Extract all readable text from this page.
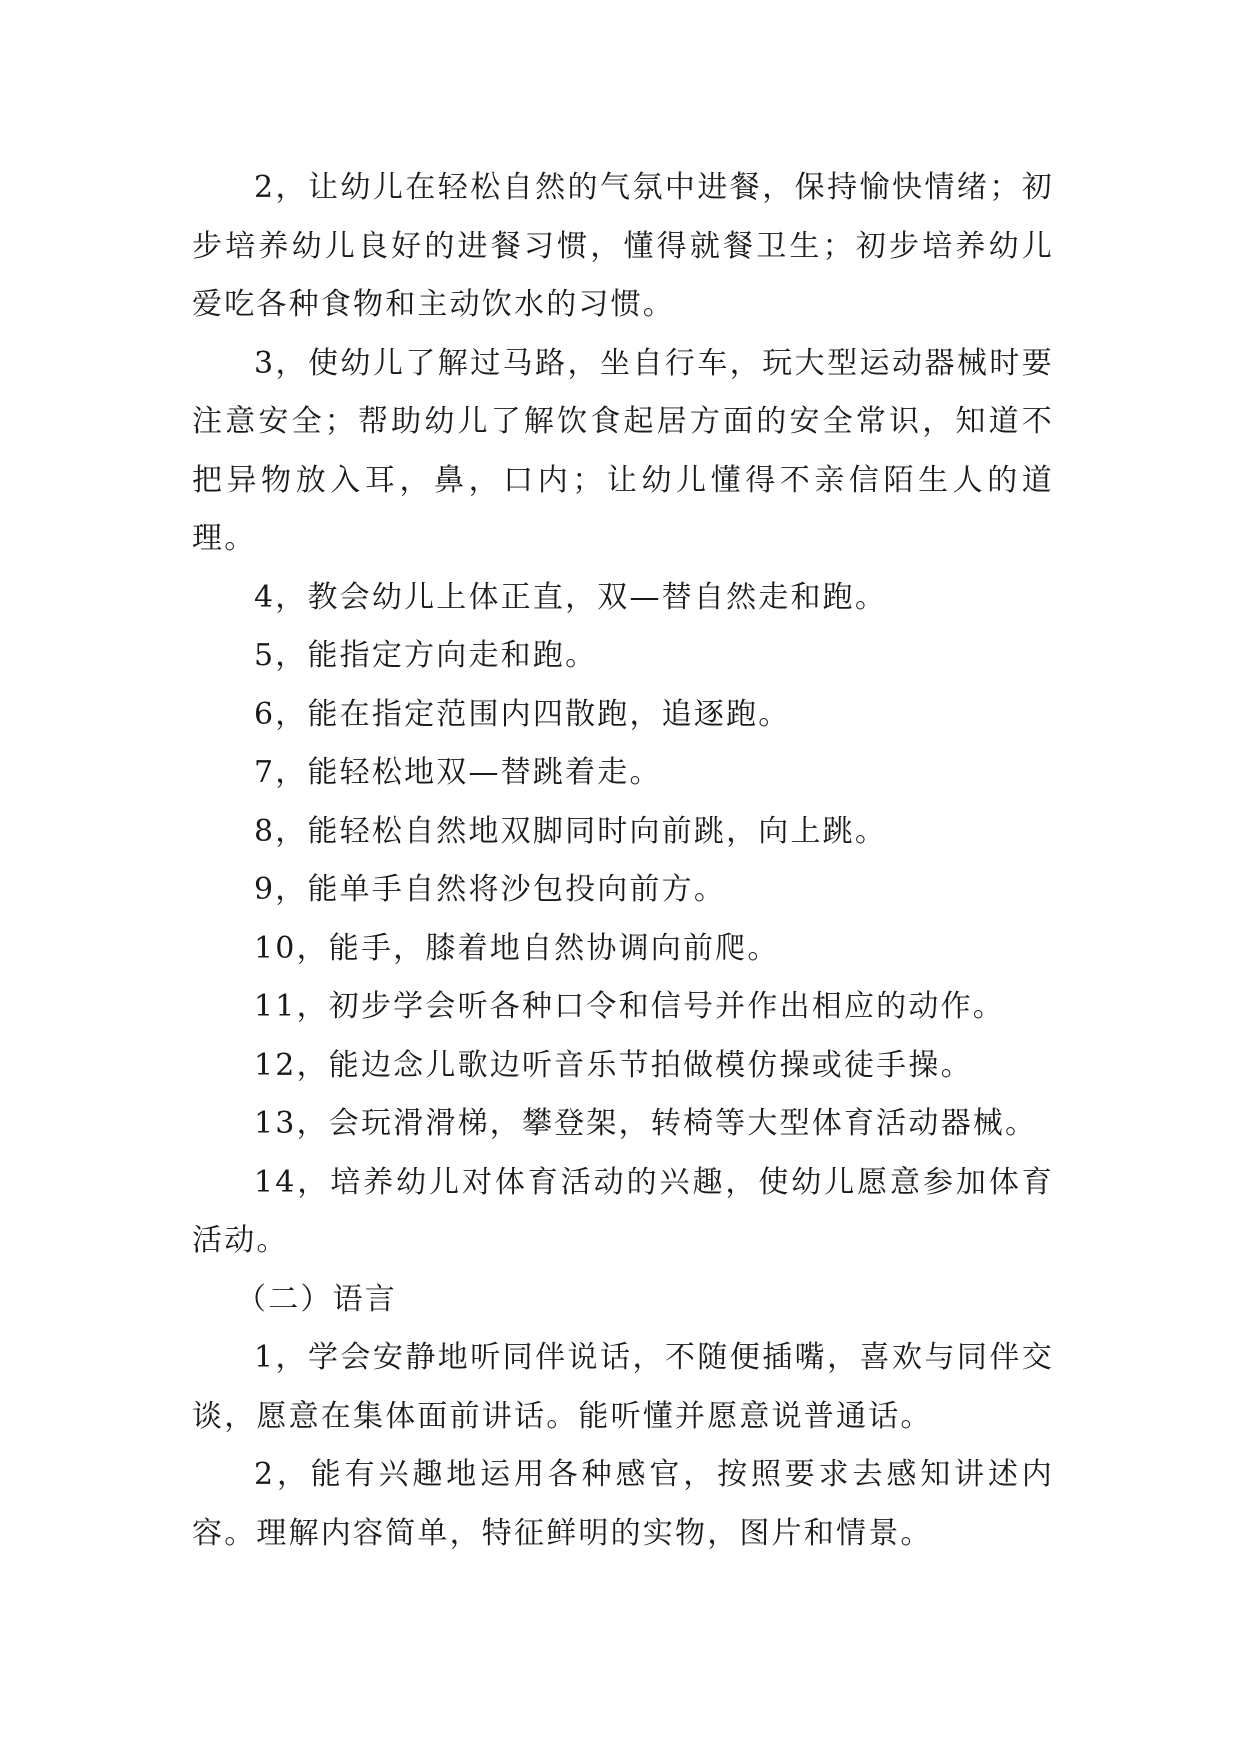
2，让幼儿在轻松自然的气氛中进餐，保持愉快情绪；初步培养幼儿良好的进餐习惯，懂得就餐卫生；初步培养幼儿爱吃各种食物和主动饮水的习惯。

3，使幼儿了解过马路，坐自行车，玩大型运动器械时要注意安全；帮助幼儿了解饮食起居方面的安全常识，知道不把异物放入耳，鼻，口内；让幼儿懂得不亲信陌生人的道理。

4，教会幼儿上体正直，双—替自然走和跑。

5，能指定方向走和跑。

6，能在指定范围内四散跑，追逐跑。

7，能轻松地双—替跳着走。

8，能轻松自然地双脚同时向前跳，向上跳。

9，能单手自然将沙包投向前方。

10，能手，膝着地自然协调向前爬。

11，初步学会听各种口令和信号并作出相应的动作。

12，能边念儿歌边听音乐节拍做模仿操或徒手操。

13，会玩滑滑梯，攀登架，转椅等大型体育活动器械。

14，培养幼儿对体育活动的兴趣，使幼儿愿意参加体育活动。

（二）语言

1，学会安静地听同伴说话，不随便插嘴，喜欢与同伴交谈，愿意在集体面前讲话。能听懂并愿意说普通话。

2，能有兴趣地运用各种感官，按照要求去感知讲述内容。理解内容简单，特征鲜明的实物，图片和情景。
